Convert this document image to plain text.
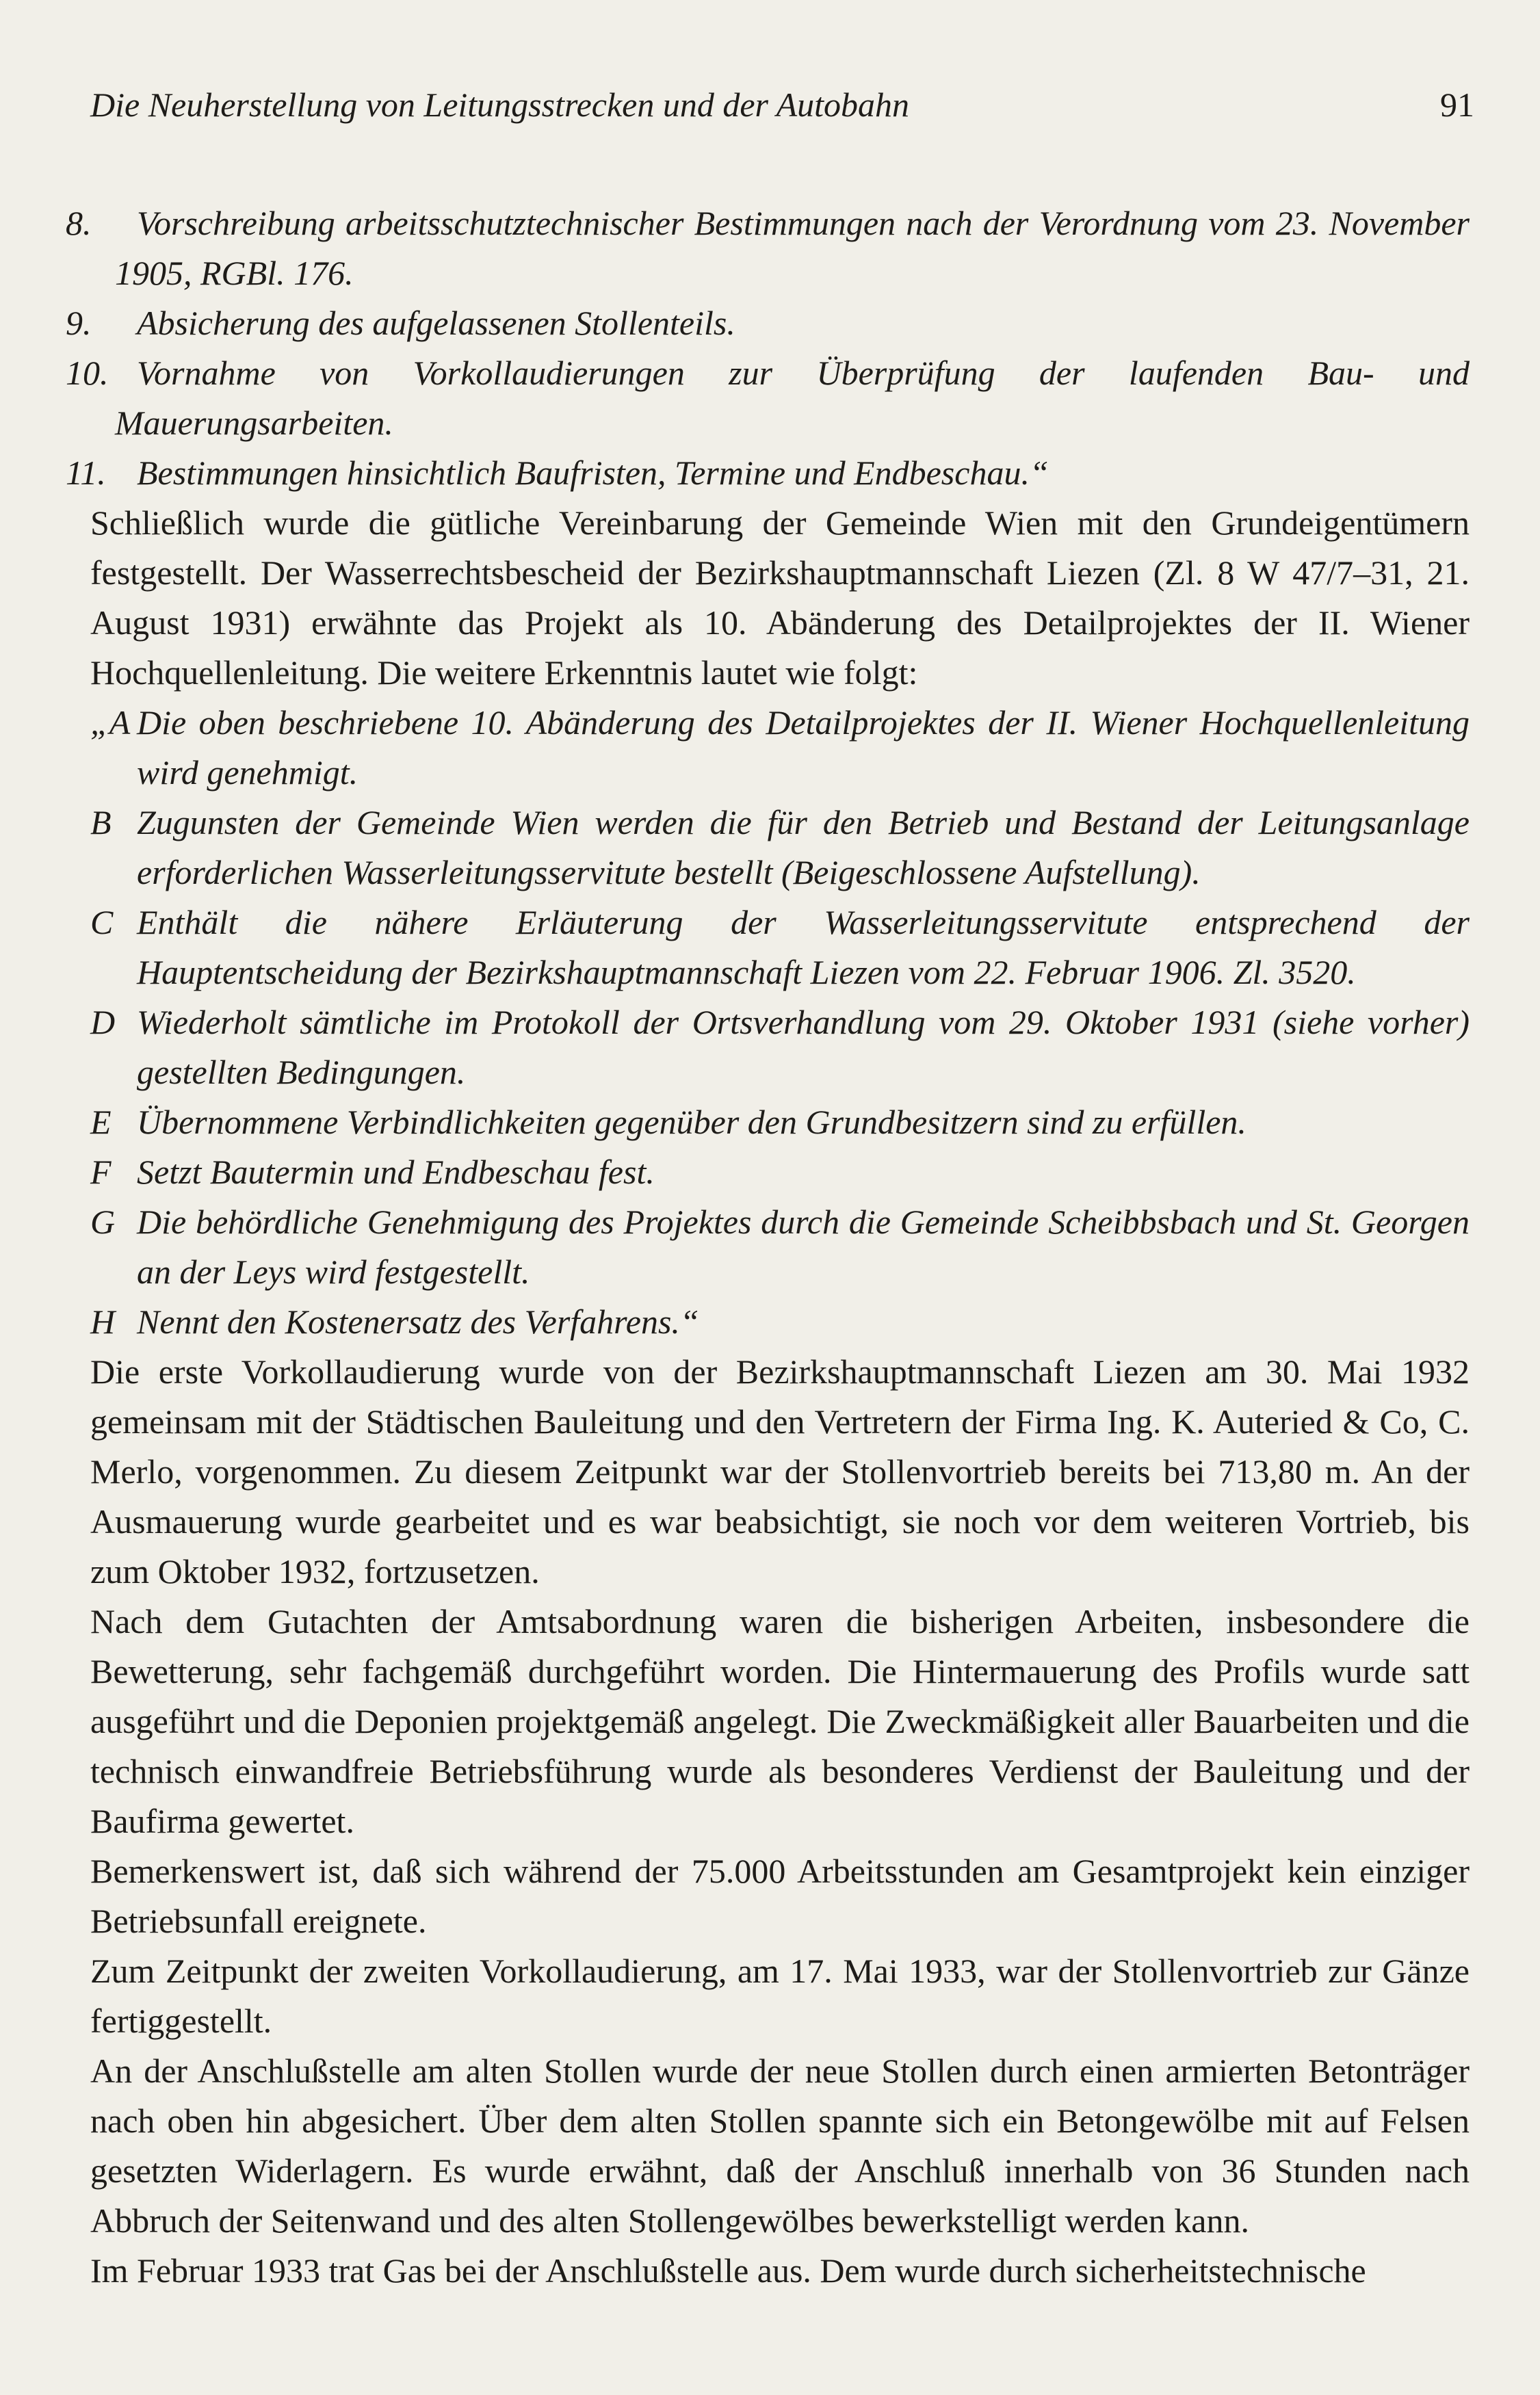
Die Neuherstellung von Leitungsstrecken und der Autobahn	91

8. Vorschreibung arbeitsschutztechnischer Bestimmungen nach der Verordnung vom 23. November 1905, RGBl. 176.

9. Absicherung des aufgelassenen Stollenteils.

10. Vornahme von Vorkollaudierungen zur Überprüfung der laufenden Bau- und Mauerungsarbeiten.

11. Bestimmungen hinsichtlich Baufristen, Termine und Endbeschau.“

Schließlich wurde die gütliche Vereinbarung der Gemeinde Wien mit den Grundeigentümern festgestellt. Der Wasserrechtsbescheid der Bezirkshauptmannschaft Liezen (Zl. 8 W 47/7–31, 21. August 1931) erwähnte das Projekt als 10. Abänderung des Detailprojektes der II. Wiener Hochquellenleitung. Die weitere Erkenntnis lautet wie folgt:

„A Die oben beschriebene 10. Abänderung des Detailprojektes der II. Wiener Hochquellenleitung wird genehmigt.

B Zugunsten der Gemeinde Wien werden die für den Betrieb und Bestand der Leitungsanlage erforderlichen Wasserleitungsservitute bestellt (Beigeschlossene Aufstellung).

C Enthält die nähere Erläuterung der Wasserleitungsservitute entsprechend der Hauptentscheidung der Bezirkshauptmannschaft Liezen vom 22. Februar 1906. Zl. 3520.

D Wiederholt sämtliche im Protokoll der Ortsverhandlung vom 29. Oktober 1931 (siehe vorher) gestellten Bedingungen.

E Übernommene Verbindlichkeiten gegenüber den Grundbesitzern sind zu erfüllen.

F Setzt Bautermin und Endbeschau fest.

G Die behördliche Genehmigung des Projektes durch die Gemeinde Scheibbsbach und St. Georgen an der Leys wird festgestellt.

H Nennt den Kostenersatz des Verfahrens.“

Die erste Vorkollaudierung wurde von der Bezirkshauptmannschaft Liezen am 30. Mai 1932 gemeinsam mit der Städtischen Bauleitung und den Vertretern der Firma Ing. K. Auteried & Co, C. Merlo, vorgenommen. Zu diesem Zeitpunkt war der Stollenvortrieb bereits bei 713,80 m. An der Ausmauerung wurde gearbeitet und es war beabsichtigt, sie noch vor dem weiteren Vortrieb, bis zum Oktober 1932, fortzusetzen.

Nach dem Gutachten der Amtsabordnung waren die bisherigen Arbeiten, insbesondere die Bewetterung, sehr fachgemäß durchgeführt worden. Die Hintermauerung des Profils wurde satt ausgeführt und die Deponien projektgemäß angelegt. Die Zweckmäßigkeit aller Bauarbeiten und die technisch einwandfreie Betriebsführung wurde als besonderes Verdienst der Bauleitung und der Baufirma gewertet.

Bemerkenswert ist, daß sich während der 75.000 Arbeitsstunden am Gesamtprojekt kein einziger Betriebsunfall ereignete.

Zum Zeitpunkt der zweiten Vorkollaudierung, am 17. Mai 1933, war der Stollenvortrieb zur Gänze fertiggestellt.

An der Anschlußstelle am alten Stollen wurde der neue Stollen durch einen armierten Betonträger nach oben hin abgesichert. Über dem alten Stollen spannte sich ein Betongewölbe mit auf Felsen gesetzten Widerlagern. Es wurde erwähnt, daß der Anschluß innerhalb von 36 Stunden nach Abbruch der Seitenwand und des alten Stollengewölbes bewerkstelligt werden kann.

Im Februar 1933 trat Gas bei der Anschlußstelle aus. Dem wurde durch sicherheitstechnische
